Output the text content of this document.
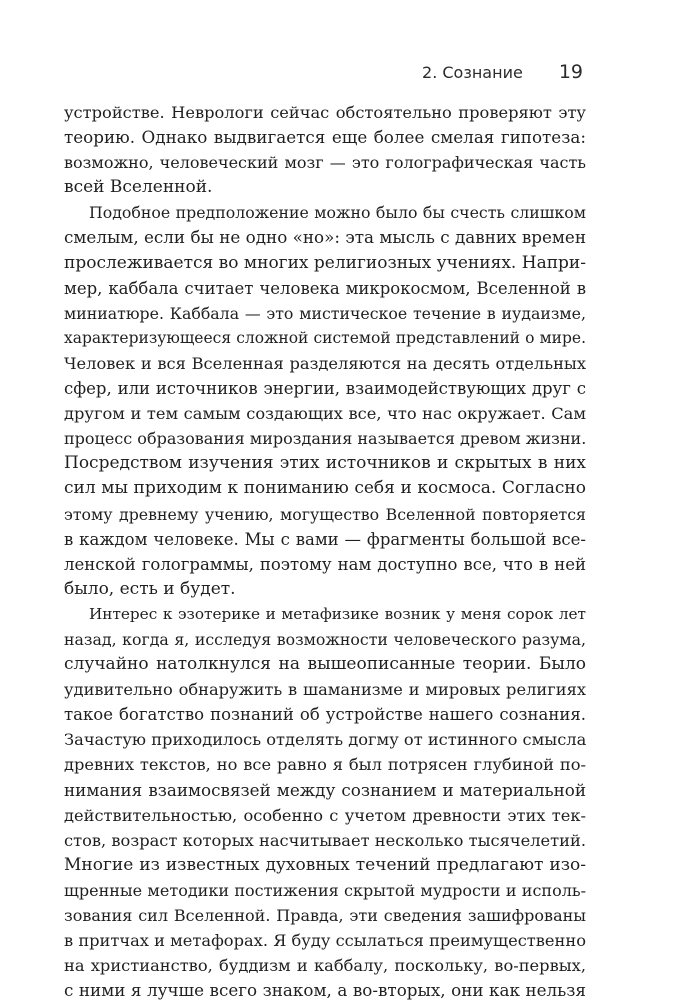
2. Сознание 19
устройстве. Неврологи сейчас обстоятельно проверяют эту
теорию. Однако выдвигается еще более смелая гипотеза:
возможно, человеческий мозг — это голографическая часть
всей Вселенной.
Подобное предположение можно было бы счесть слишком
смелым, если бы не одно «но»: эта мысль с давних времен
прослеживается во многих религиозных учениях. Напри-
мер, каббала считает человека микрокосмом, Вселенной в
миниатюре. Каббала — это мистическое течение в иудаизме,
характеризующееся сложной системой представлений о мире.
Человек и вся Вселенная разделяются на десять отдельных
сфер, или источников энергии, взаимодействующих друг с
другом и тем самым создающих все, что нас окружает. Сам
процесс образования мироздания называется древом жизни.
Посредством изучения этих источников и скрытых в них
сил мы приходим к пониманию себя и космоса. Согласно
этому древнему учению, могущество Вселенной повторяется
в каждом человеке. Мы с вами — фрагменты большой все-
ленской голограммы, поэтому нам доступно все, что в ней
было, есть и будет.
Интерес к эзотерике и метафизике возник у меня сорок лет
назад, когда я, исследуя возможности человеческого разума,
случайно натолкнулся на вышеописанные теории. Было
удивительно обнаружить в шаманизме и мировых религиях
такое богатство познаний об устройстве нашего сознания.
Зачастую приходилось отделять догму от истинного смысла
древних текстов, но все равно я был потрясен глубиной по-
нимания взаимосвязей между сознанием и материальной
действительностью, особенно с учетом древности этих тек-
стов, возраст которых насчитывает несколько тысячелетий.
Многие из известных духовных течений предлагают изо-
щренные методики постижения скрытой мудрости и исполь-
зования сил Вселенной. Правда, эти сведения зашифрованы
в притчах и метафорах. Я буду ссылаться преимущественно
на христианство, буддизм и каббалу, поскольку, во-первых,
с ними я лучше всего знаком, а во-вторых, они как нельзя
